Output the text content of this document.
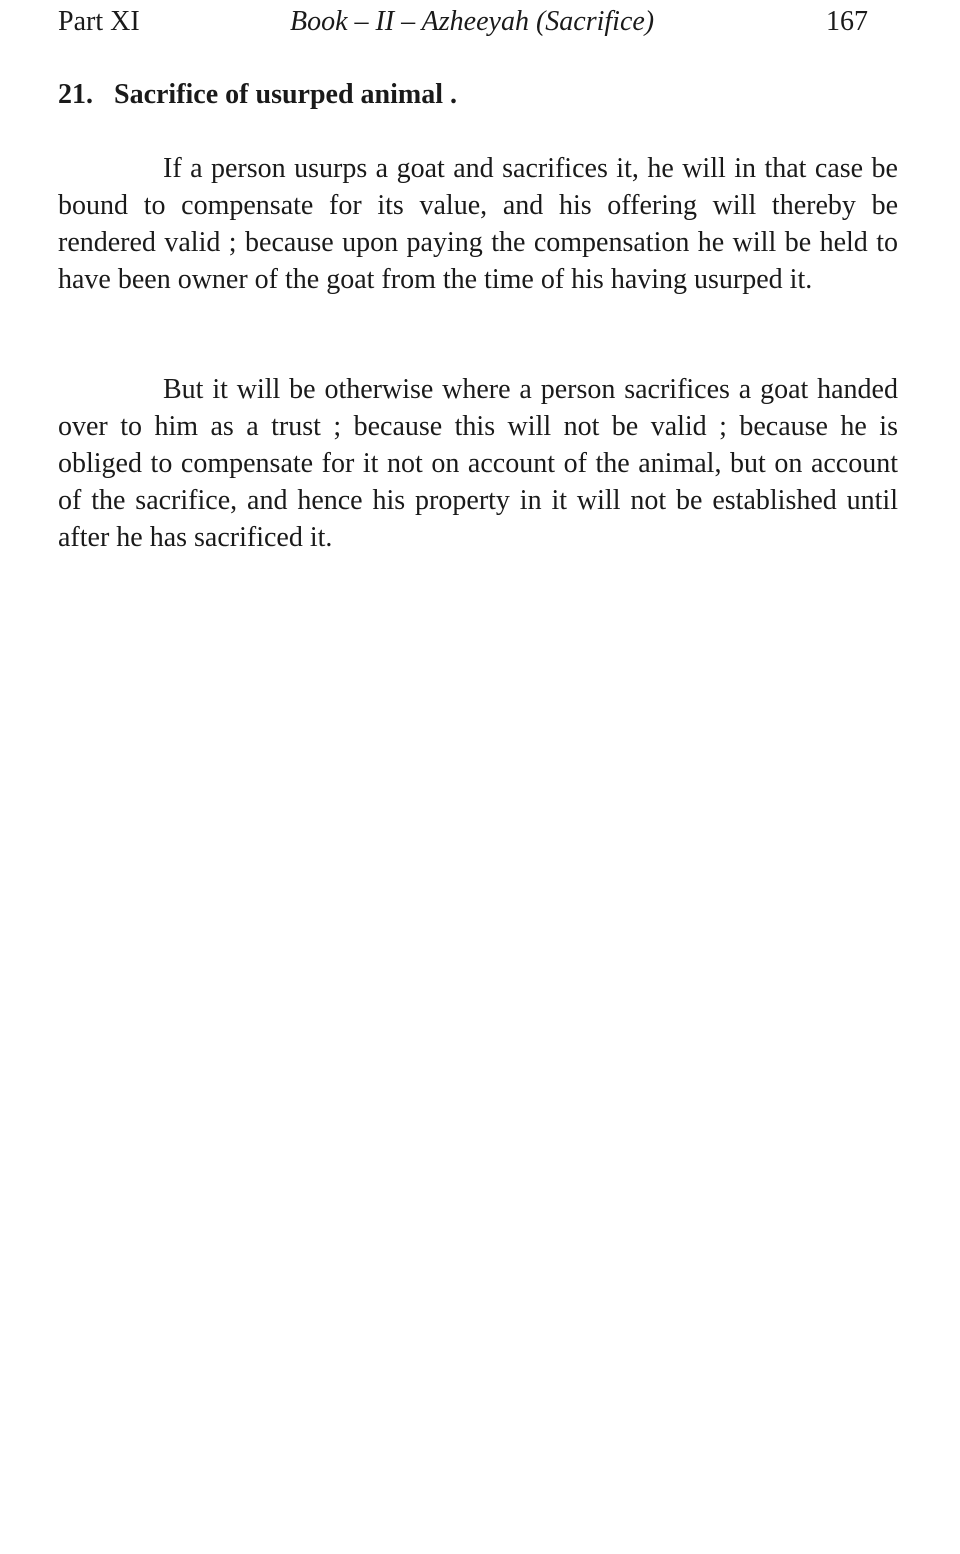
Part XI	Book – II – Azheeyah (Sacrifice)	167
21. Sacrifice of usurped animal .

If a person usurps a goat and sacrifices it, he will in that case be bound to compensate for its value, and his offering will thereby be rendered valid ; because upon paying the compensation he will be held to have been owner of the goat from the time of his having usurped it.

But it will be otherwise where a person sacrifices a goat handed over to him as a trust ; because this will not be valid ; because he is obliged to compensate for it not on account of the animal, but on account of the sacrifice, and hence his property in it will not be established until after he has sacrificed it.
